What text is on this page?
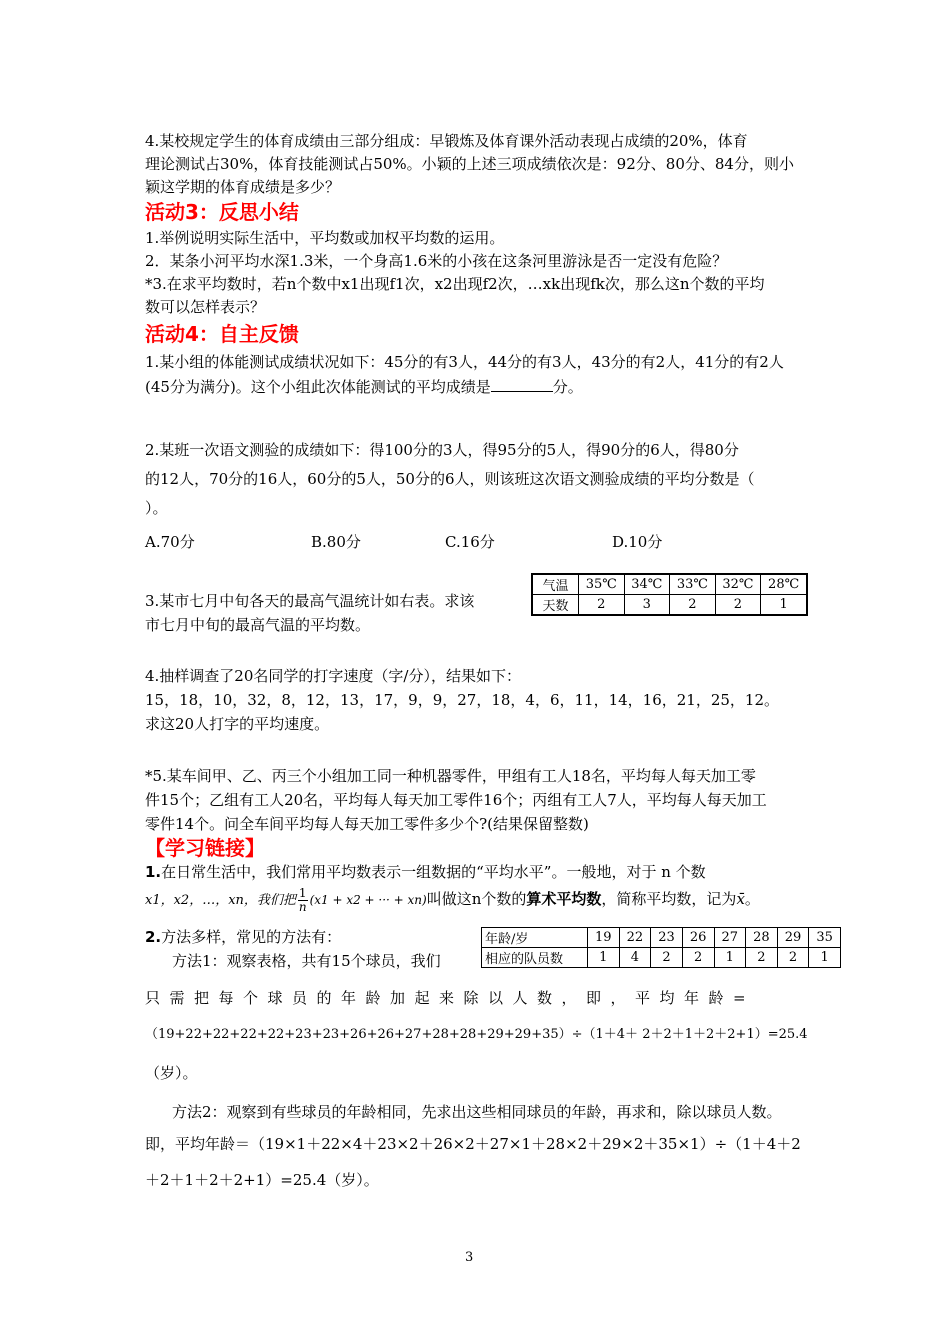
4.某校规定学生的体育成绩由三部分组成：早锻炼及体育课外活动表现占成绩的20%，体育
理论测试占30%，体育技能测试占50%。小颖的上述三项成绩依次是：92分、80分、84分，则小
颖这学期的体育成绩是多少？
活动3：反思小结
1.举例说明实际生活中，平均数或加权平均数的运用。
2．某条小河平均水深1.3米，一个身高1.6米的小孩在这条河里游泳是否一定没有危险？
*3.在求平均数时，若n个数中x1出现f1次，x2出现f2次，…xk出现fk次，那么这n个数的平均
数可以怎样表示？
活动4：自主反馈
1.某小组的体能测试成绩状况如下：45分的有3人，44分的有3人，43分的有2人，41分的有2人
(45分为满分)。这个小组此次体能测试的平均成绩是	分。
2.某班一次语文测验的成绩如下：得100分的3人，得95分的5人，得90分的6人，得80分
的12人，70分的16人，60分的5人，50分的6人，则该班这次语文测验成绩的平均分数是（
）。
A.70分	B.80分	C.16分	D.10分
3.某市七月中旬各天的最高气温统计如右表。求该
市七月中旬的最高气温的平均数。
气温	35℃	34℃	33℃	32℃	28℃
天数	2	3	2	2	1
4.抽样调查了20名同学的打字速度（字/分），结果如下：
15，18，10，32，8，12，13，17，9，9，27，18，4，6，11，14，16，21，25，12。
求这20人打字的平均速度。
*5.某车间甲、乙、丙三个小组加工同一种机器零件，甲组有工人18名，平均每人每天加工零
件15个；乙组有工人20名，平均每人每天加工零件16个；丙组有工人7人，平均每人每天加工
零件14个。问全车间平均每人每天加工零件多少个?(结果保留整数)
【学习链接】
1.在日常生活中，我们常用平均数表示一组数据的“平均水平”。一般地，对于 n 个数
x1，x2，…，xn，我们把 $\frac{1}{n} (x1 + x2$ + ··· + xn)叫做这n个数的算术平均数，简称平均数，记为x̄。
2.方法多样，常见的方法有：	年龄/岁	19	22	23	26	27	28	29	35
相应的队员数	1	4	2	2	1	2	2	1
方法1：观察表格，共有15个球员，我们
只需把每个球员的年龄加起来除以人数，即，平均年龄=
（19+22+22+22+22+23+23+26+26+27+28+28+29+29+35）÷（1＋4＋ 2＋2＋1＋2＋2+1）=25.4
（岁）。
方法2：观察到有些球员的年龄相同，先求出这些相同球员的年龄，再求和，除以球员人数。
即，平均年龄＝（19×1＋22×4＋23×2＋26×2＋27×1＋28×2＋29×2＋35×1）÷（1＋4＋2
＋2＋1＋2＋2+1）=25.4（岁）。
3
